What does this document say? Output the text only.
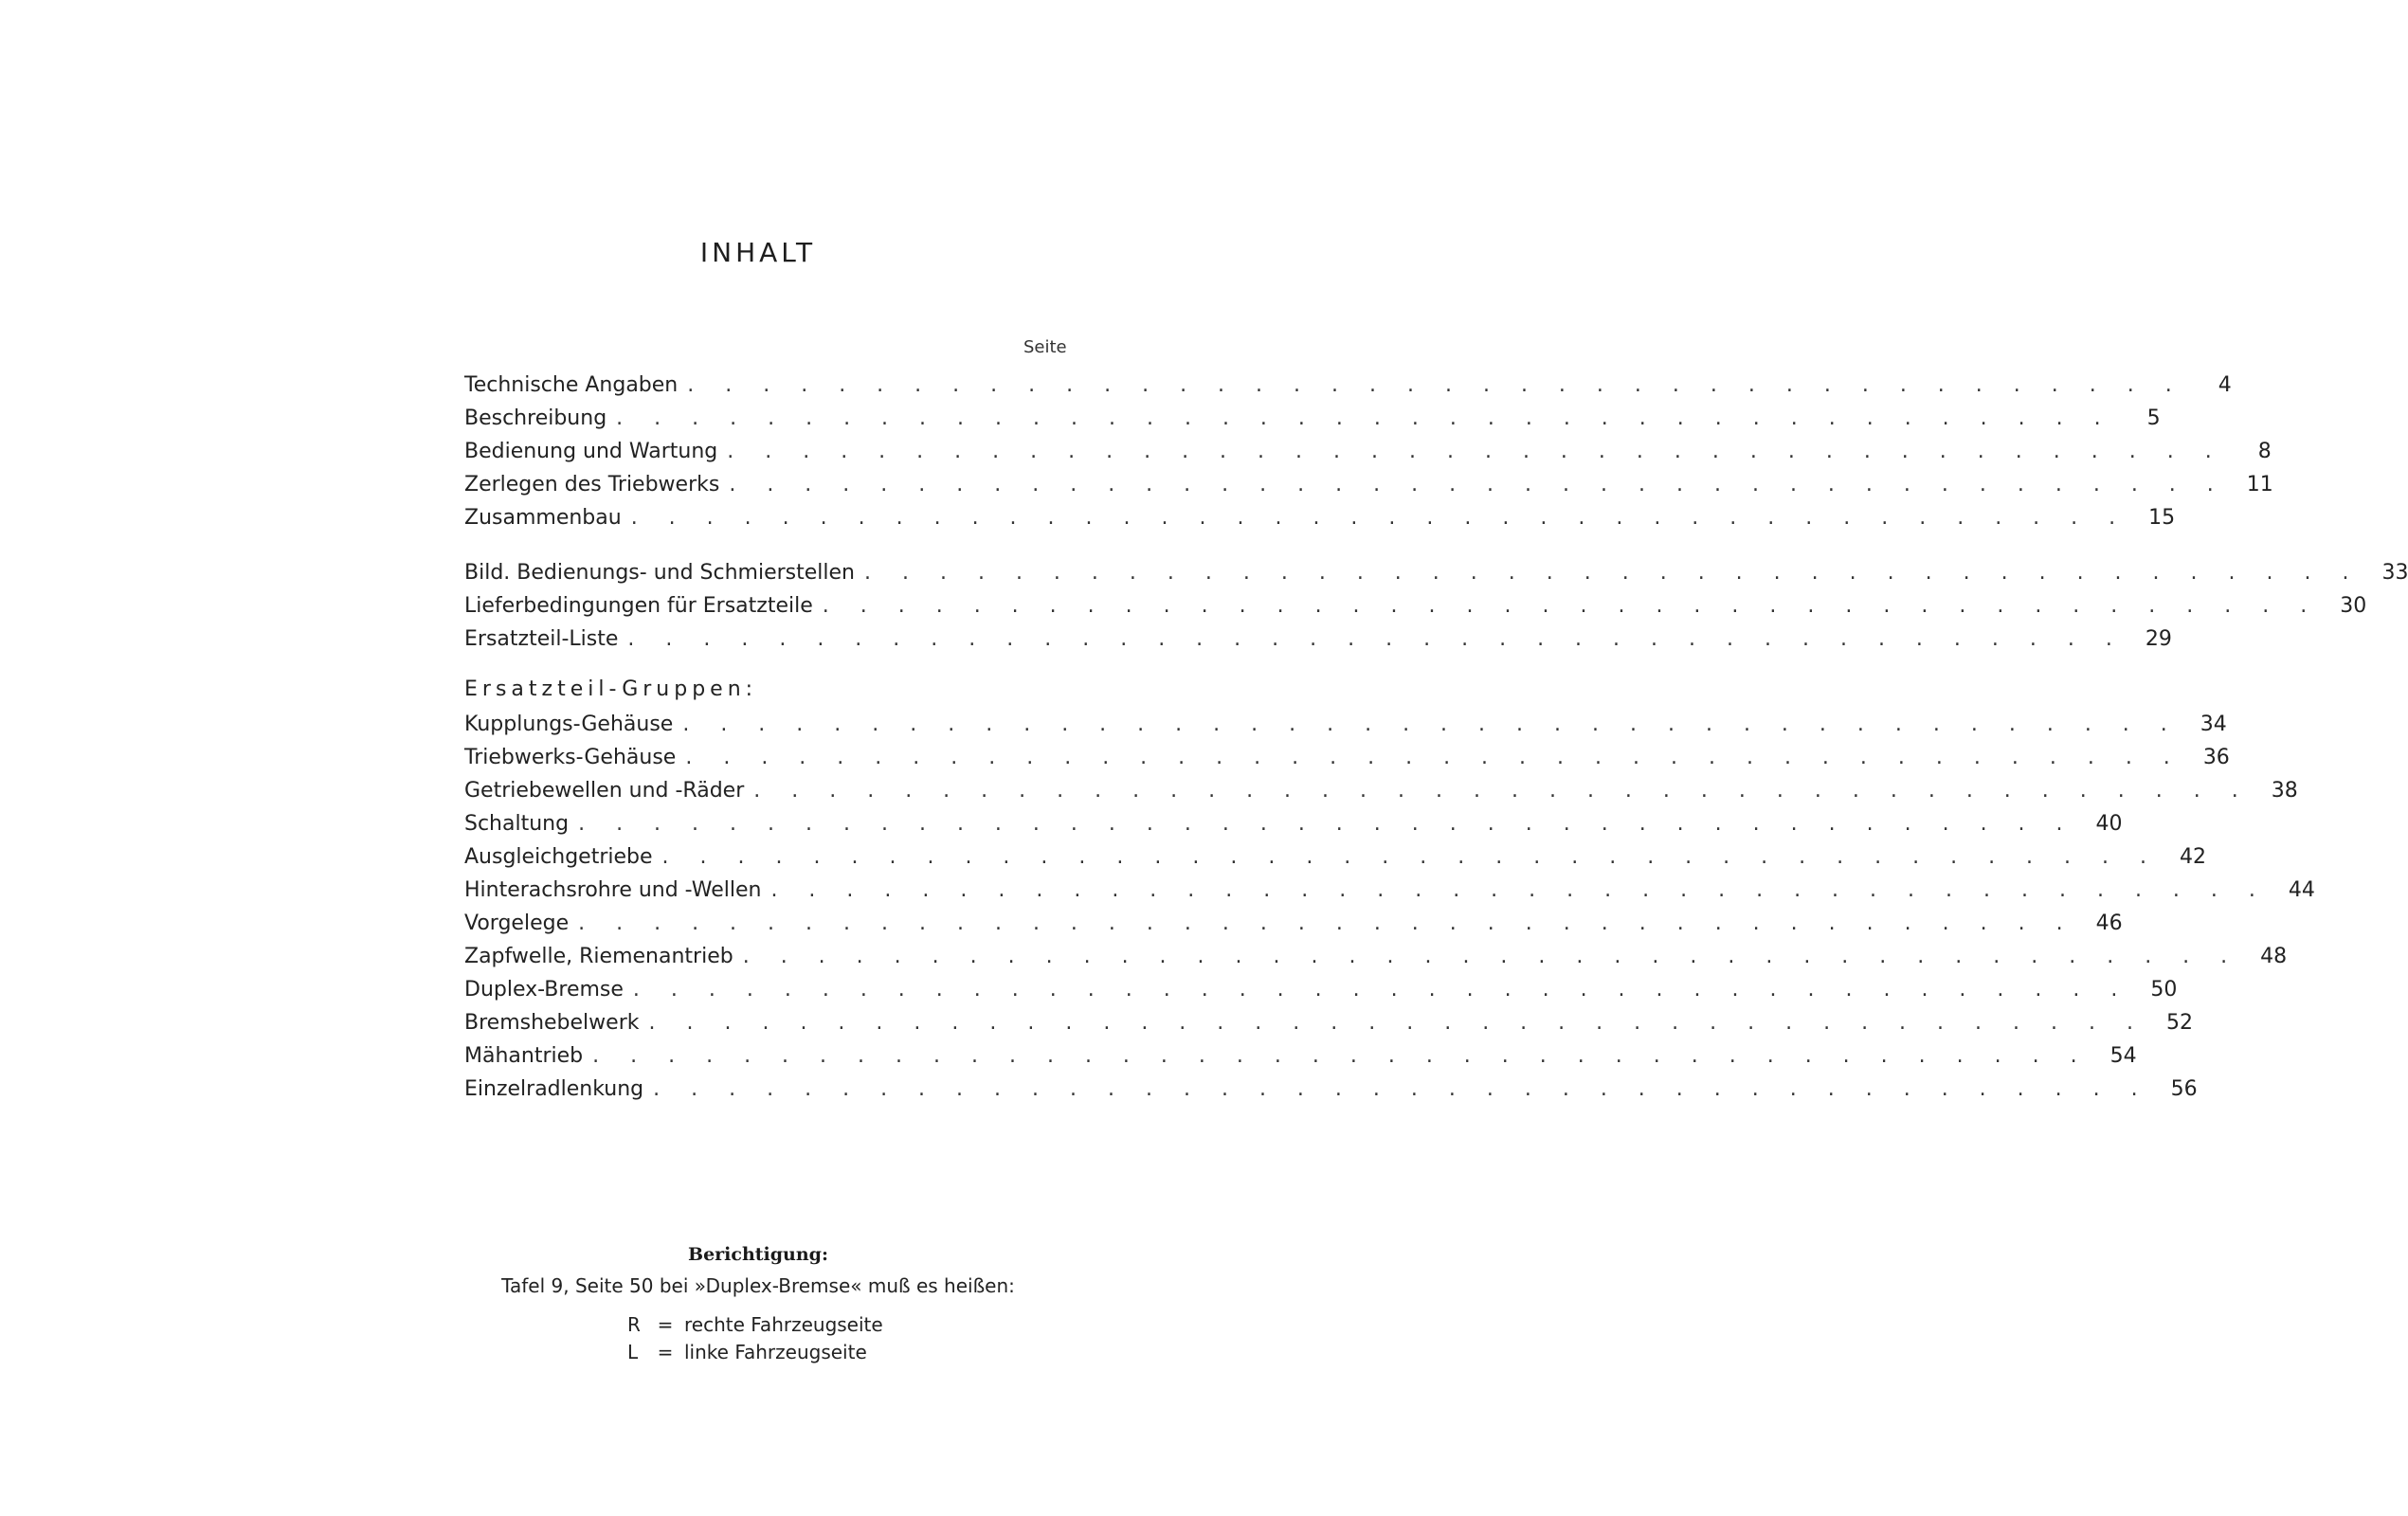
INHALT
Seite
Technische Angaben . . . . . . . . . . . . . . . . . . . . . . . . . . . . . . . . . . . . . . . .	4
Beschreibung . . . . . . . . . . . . . . . . . . . . . . . . . . . . . . . . . . . . . . . .	5
Bedienung und Wartung . . . . . . . . . . . . . . . . . . . . . . . . . . . . . . . . . . . . . . . .	8
Zerlegen des Triebwerks . . . . . . . . . . . . . . . . . . . . . . . . . . . . . . . . . . . . . . . .	11
Zusammenbau . . . . . . . . . . . . . . . . . . . . . . . . . . . . . . . . . . . . . . . .	15
Bild. Bedienungs- und Schmierstellen . . . . . . . . . . . . . . . . . . . . . . . . . . . . . . . . . . . . . . . .	33
Lieferbedingungen für Ersatzteile . . . . . . . . . . . . . . . . . . . . . . . . . . . . . . . . . . . . . . . .	30
Ersatzteil-Liste . . . . . . . . . . . . . . . . . . . . . . . . . . . . . . . . . . . . . . . .	29
Kupplungs-Gehäuse . . . . . . . . . . . . . . . . . . . . . . . . . . . . . . . . . . . . . . . .	34
Triebwerks-Gehäuse . . . . . . . . . . . . . . . . . . . . . . . . . . . . . . . . . . . . . . . .	36
Getriebewellen und -Räder . . . . . . . . . . . . . . . . . . . . . . . . . . . . . . . . . . . . . . . .	38
Schaltung . . . . . . . . . . . . . . . . . . . . . . . . . . . . . . . . . . . . . . . .	40
Ausgleichgetriebe . . . . . . . . . . . . . . . . . . . . . . . . . . . . . . . . . . . . . . . .	42
Hinterachsrohre und -Wellen . . . . . . . . . . . . . . . . . . . . . . . . . . . . . . . . . . . . . . . .	44
Vorgelege . . . . . . . . . . . . . . . . . . . . . . . . . . . . . . . . . . . . . . . .	46
Zapfwelle, Riemenantrieb . . . . . . . . . . . . . . . . . . . . . . . . . . . . . . . . . . . . . . . .	48
Duplex-Bremse . . . . . . . . . . . . . . . . . . . . . . . . . . . . . . . . . . . . . . . .	50
Bremshebelwerk . . . . . . . . . . . . . . . . . . . . . . . . . . . . . . . . . . . . . . . .	52
Mähantrieb . . . . . . . . . . . . . . . . . . . . . . . . . . . . . . . . . . . . . . . .	54
Einzelradlenkung . . . . . . . . . . . . . . . . . . . . . . . . . . . . . . . . . . . . . . . .	56
Ersatzteil-Gruppen:
Berichtigung:
Tafel 9, Seite 50 bei »Duplex-Bremse« muß es heißen:
R = rechte Fahrzeugseite
L = linke Fahrzeugseite
